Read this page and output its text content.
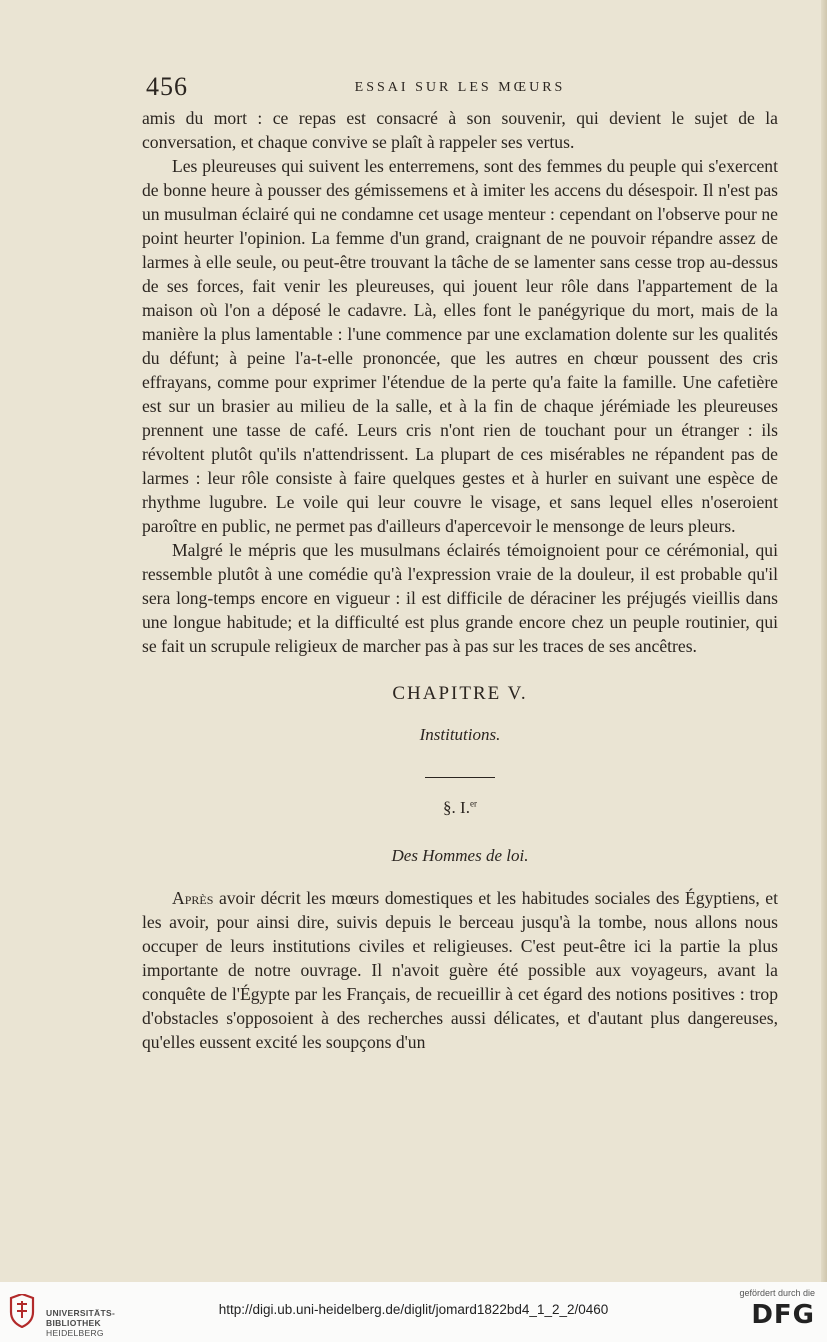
456	ESSAI SUR LES MŒURS

amis du mort : ce repas est consacré à son souvenir, qui devient le sujet de la conversation, et chaque convive se plaît à rappeler ses vertus.

Les pleureuses qui suivent les enterremens, sont des femmes du peuple qui s'exercent de bonne heure à pousser des gémissemens et à imiter les accens du désespoir. Il n'est pas un musulman éclairé qui ne condamne cet usage menteur : cependant on l'observe pour ne point heurter l'opinion. La femme d'un grand, craignant de ne pouvoir répandre assez de larmes à elle seule, ou peut-être trouvant la tâche de se lamenter sans cesse trop au-dessus de ses forces, fait venir les pleureuses, qui jouent leur rôle dans l'appartement de la maison où l'on a déposé le cadavre. Là, elles font le panégyrique du mort, mais de la manière la plus lamentable : l'une commence par une exclamation dolente sur les qualités du défunt; à peine l'a-t-elle prononcée, que les autres en chœur poussent des cris effrayans, comme pour exprimer l'étendue de la perte qu'a faite la famille. Une cafetière est sur un brasier au milieu de la salle, et à la fin de chaque jérémiade les pleureuses prennent une tasse de café. Leurs cris n'ont rien de touchant pour un étranger : ils révoltent plutôt qu'ils n'attendrissent. La plupart de ces misérables ne répandent pas de larmes : leur rôle consiste à faire quelques gestes et à hurler en suivant une espèce de rhythme lugubre. Le voile qui leur couvre le visage, et sans lequel elles n'oseroient paroître en public, ne permet pas d'ailleurs d'apercevoir le mensonge de leurs pleurs.

Malgré le mépris que les musulmans éclairés témoignoient pour ce cérémonial, qui ressemble plutôt à une comédie qu'à l'expression vraie de la douleur, il est probable qu'il sera long-temps encore en vigueur : il est difficile de déraciner les préjugés vieillis dans une longue habitude; et la difficulté est plus grande encore chez un peuple routinier, qui se fait un scrupule religieux de marcher pas à pas sur les traces de ses ancêtres.

CHAPITRE V.
Institutions.
§. I.$^{er}$
Des Hommes de loi.

Après avoir décrit les mœurs domestiques et les habitudes sociales des Égyptiens, et les avoir, pour ainsi dire, suivis depuis le berceau jusqu'à la tombe, nous allons nous occuper de leurs institutions civiles et religieuses. C'est peut-être ici la partie la plus importante de notre ouvrage. Il n'avoit guère été possible aux voyageurs, avant la conquête de l'Égypte par les Français, de recueillir à cet égard des notions positives : trop d'obstacles s'opposoient à des recherches aussi délicates, et d'autant plus dangereuses, qu'elles eussent excité les soupçons d'un

UNIVERSITÄTS-
BIBLIOTHEK
HEIDELBERG
http://digi.ub.uni-heidelberg.de/diglit/jomard1822bd4_1_2_2/0460
gefördert durch die
DFG
